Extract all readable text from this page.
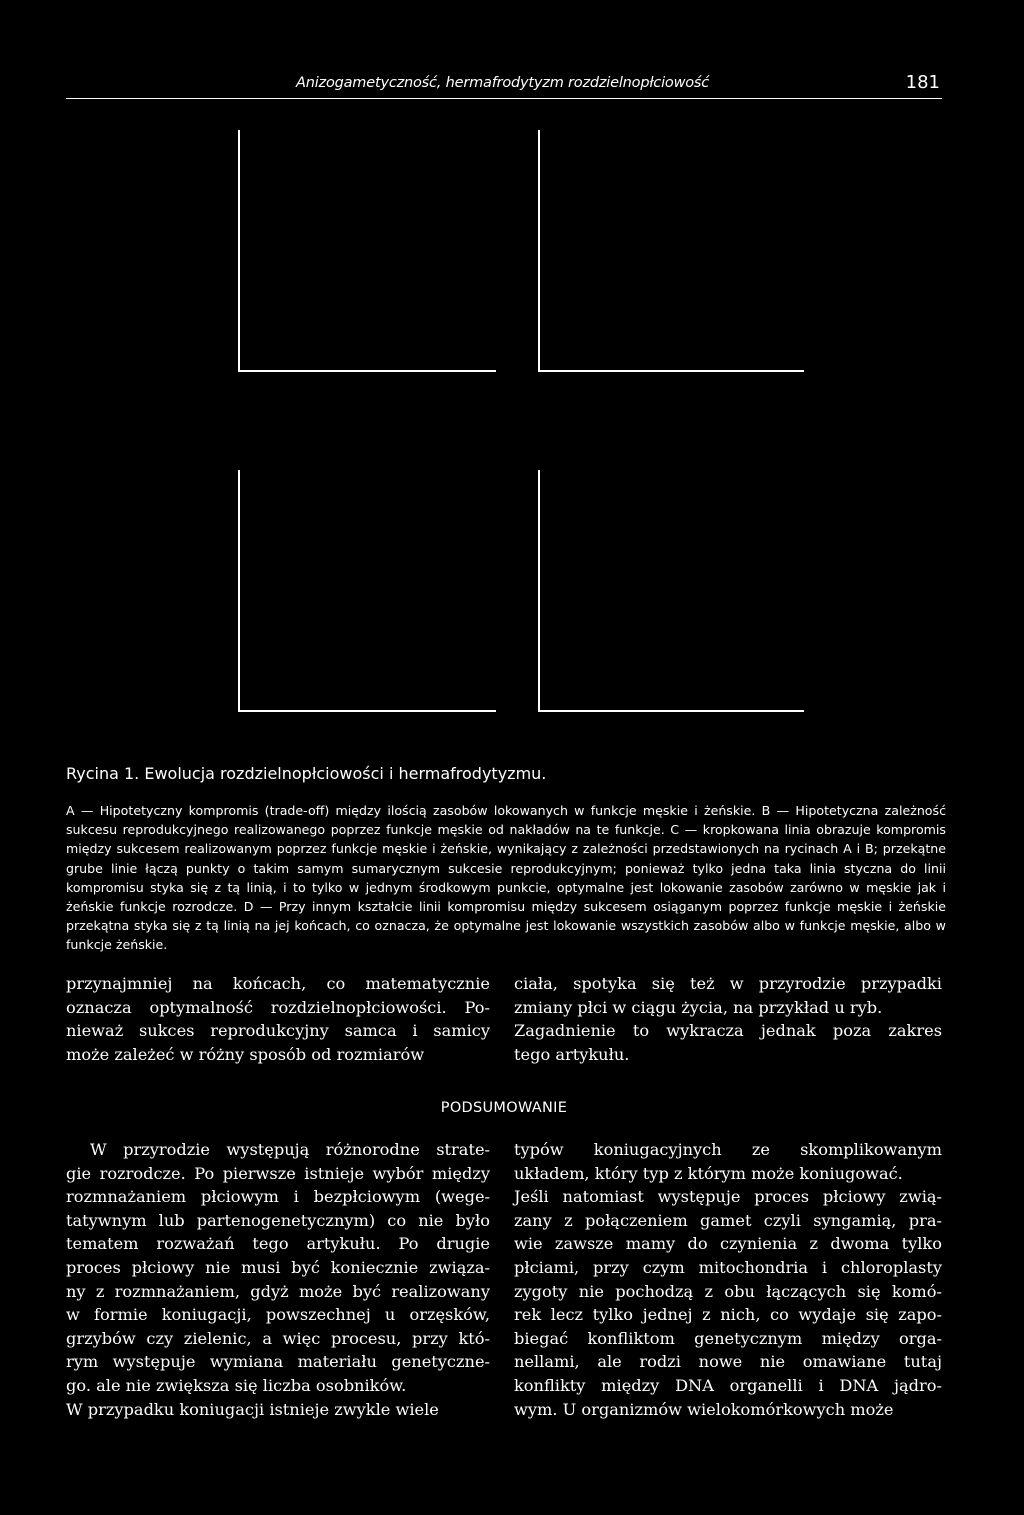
Anizogametyczność, hermafrodytyzm rozdzielnopłciowość	181
Rycina 1. Ewolucja rozdzielnopłciowości i hermafrodytyzmu.

A — Hipotetyczny kompromis (trade-off) między ilością zasobów lokowanych w funkcje męskie i żeńskie. B — Hipotetyczna zależność sukcesu reprodukcyjnego realizowanego poprzez funkcje męskie od nakładów na te funkcje. C — kropkowana linia obrazuje kompromis między sukcesem realizowanym poprzez funkcje męskie i żeńskie, wynikający z zależności przedstawionych na rycinach A i B; przekątne grube linie łączą punkty o takim samym sumarycznym sukcesie reprodukcyjnym; ponieważ tylko jedna taka linia styczna do linii kompromisu styka się z tą linią, i to tylko w jednym środkowym punkcie, optymalne jest lokowanie zasobów zarówno w męskie jak i żeńskie funkcje rozrodcze. D — Przy innym kształcie linii kompromisu między sukcesem osiąganym poprzez funkcje męskie i żeńskie przekątna styka się z tą linią na jej końcach, co oznacza, że optymalne jest lokowanie wszystkich zasobów albo w funkcje męskie, albo w funkcje żeńskie.

przynajmniej na końcach, co matematycznie
oznacza optymalność rozdzielnopłciowości. Po-
nieważ sukces reprodukcyjny samca i samicy
może zależeć w różny sposób od rozmiarów
ciała, spotyka się też w przyrodzie przypadki
zmiany płci w ciągu życia, na przykład u ryb.
Zagadnienie to wykracza jednak poza zakres
tego artykułu.
PODSUMOWANIE
W przyrodzie występują różnorodne strate-
gie rozrodcze. Po pierwsze istnieje wybór między
rozmnażaniem płciowym i bezpłciowym (wege-
tatywnym lub partenogenetycznym) co nie było
tematem rozważań tego artykułu. Po drugie
proces płciowy nie musi być koniecznie związa-
ny z rozmnażaniem, gdyż może być realizowany
w formie koniugacji, powszechnej u orzęsków,
grzybów czy zielenic, a więc procesu, przy któ-
rym występuje wymiana materiału genetyczne-
go. ale nie zwiększa się liczba osobników.
W przypadku koniugacji istnieje zwykle wiele
typów koniugacyjnych ze skomplikowanym
układem, który typ z którym może koniugować.
Jeśli natomiast występuje proces płciowy zwią-
zany z połączeniem gamet czyli syngamią, pra-
wie zawsze mamy do czynienia z dwoma tylko
płciami, przy czym mitochondria i chloroplasty
zygoty nie pochodzą z obu łączących się komó-
rek lecz tylko jednej z nich, co wydaje się zapo-
biegać konfliktom genetycznym między orga-
nellami, ale rodzi nowe nie omawiane tutaj
konflikty między DNA organelli i DNA jądro-
wym. U organizmów wielokomórkowych może
